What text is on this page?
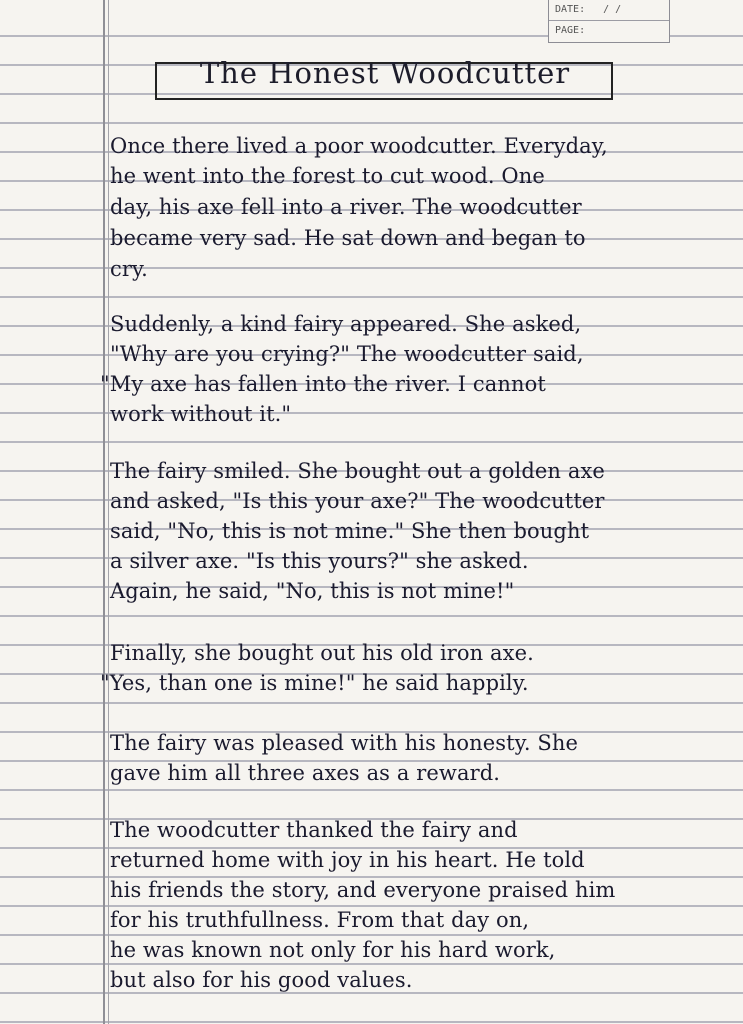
DATE: / /
PAGE:
The Honest Woodcutter
Once there lived a poor woodcutter. Everyday,
he went into the forest to cut wood. One
day, his axe fell into a river. The woodcutter
became very sad. He sat down and began to
cry.
Suddenly, a kind fairy appeared. She asked,
"Why are you crying?" The woodcutter said,
"My axe has fallen into the river. I cannot
work without it."
The fairy smiled. She bought out a golden axe
and asked, "Is this your axe?" The woodcutter
said, "No, this is not mine." She then bought
a silver axe. "Is this yours?" she asked.
Again, he said, "No, this is not mine!"
Finally, she bought out his old iron axe.
"Yes, than one is mine!" he said happily.
The fairy was pleased with his honesty. She
gave him all three axes as a reward.
The woodcutter thanked the fairy and
returned home with joy in his heart. He told
his friends the story, and everyone praised him
for his truthfullness. From that day on,
he was known not only for his hard work,
but also for his good values.
